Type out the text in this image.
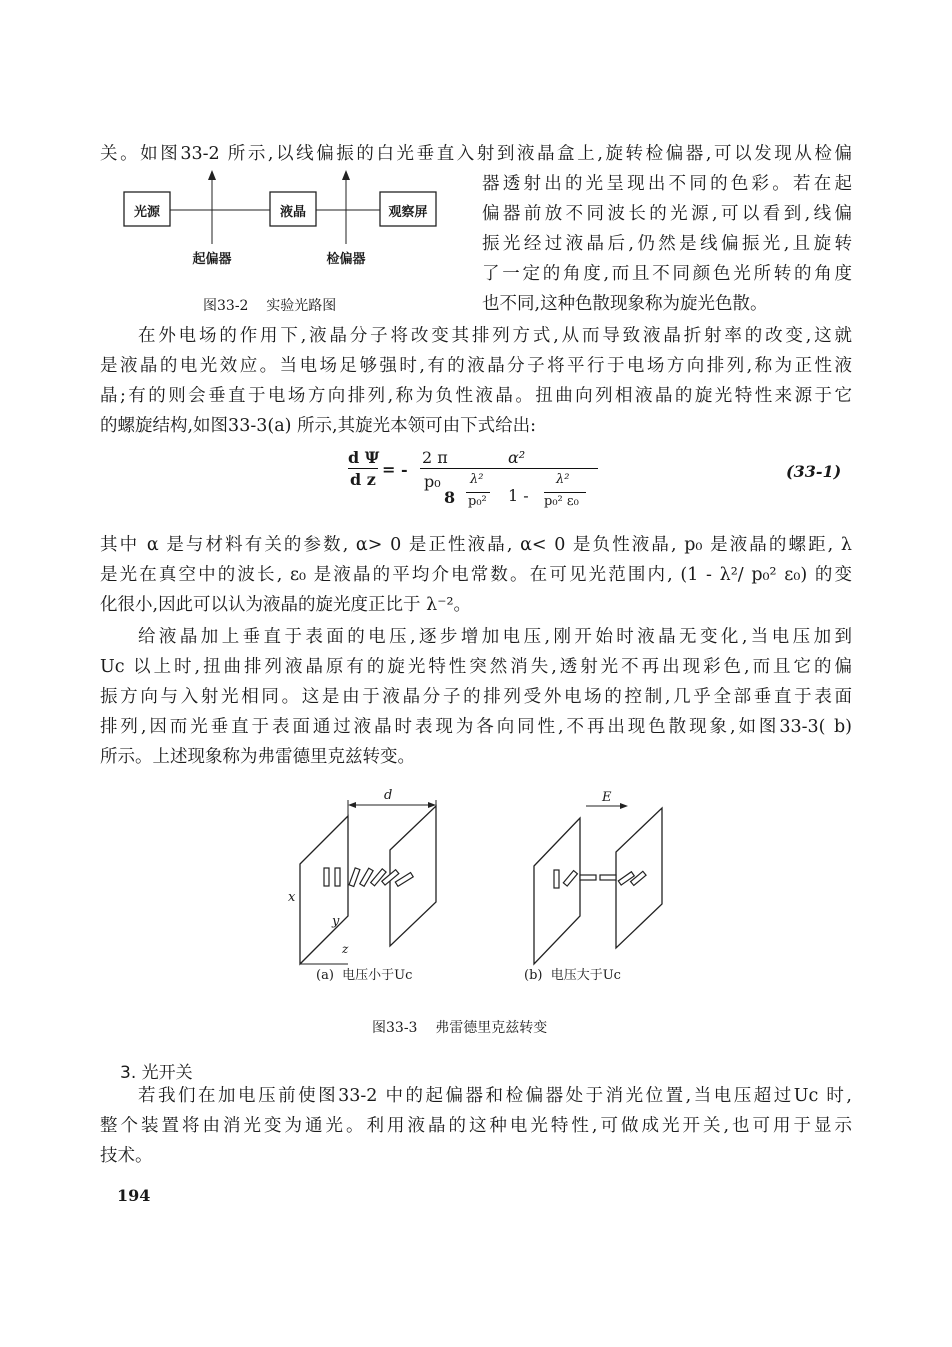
关。如图33-2 所示,以线偏振的白光垂直入射到液晶盒上,旋转检偏器,可以发现从检偏
光源	液晶	观察屏
起偏器	检偏器
器透射出的光呈现出不同的色彩。若在起
偏器前放不同波长的光源,可以看到,线偏
振光经过液晶后,仍然是线偏振光,且旋转
了一定的角度,而且不同颜色光所转的角度
也不同,这种色散现象称为旋光色散。
图33-2    实验光路图
在外电场的作用下,液晶分子将改变其排列方式,从而导致液晶折射率的改变,这就
是液晶的电光效应。当电场足够强时,有的液晶分子将平行于电场方向排列,称为正性液
晶;有的则会垂直于电场方向排列,称为负性液晶。扭曲向列相液晶的旋光特性来源于它
的螺旋结构,如图33-3(a) 所示,其旋光本领可由下式给出:
d Ψ
d z
= -
2 π
p₀
α²
8
λ²
p₀² 1 -
λ²
p₀² ε₀
(33-1)
其中 α 是与材料有关的参数, α> 0 是正性液晶, α< 0 是负性液晶, p₀ 是液晶的螺距, λ
是光在真空中的波长, ε₀ 是液晶的平均介电常数。在可见光范围内, (1 - λ²/ p₀² ε₀) 的变
化很小,因此可以认为液晶的旋光度正比于 λ⁻²。
给液晶加上垂直于表面的电压,逐步增加电压,刚开始时液晶无变化,当电压加到
Uc 以上时,扭曲排列液晶原有的旋光特性突然消失,透射光不再出现彩色,而且它的偏
振方向与入射光相同。这是由于液晶分子的排列受外电场的控制,几乎全部垂直于表面
排列,因而光垂直于表面通过液晶时表现为各向同性,不再出现色散现象,如图33-3( b)
所示。上述现象称为弗雷德里克兹转变。
d	E
x
y
z
(a)  电压小于Uc	(b)  电压大于Uc
图33-3    弗雷德里克兹转变
3. 光开关
若我们在加电压前使图33-2 中的起偏器和检偏器处于消光位置,当电压超过Uc 时,
整个装置将由消光变为通光。利用液晶的这种电光特性,可做成光开关,也可用于显示
技术。
194
